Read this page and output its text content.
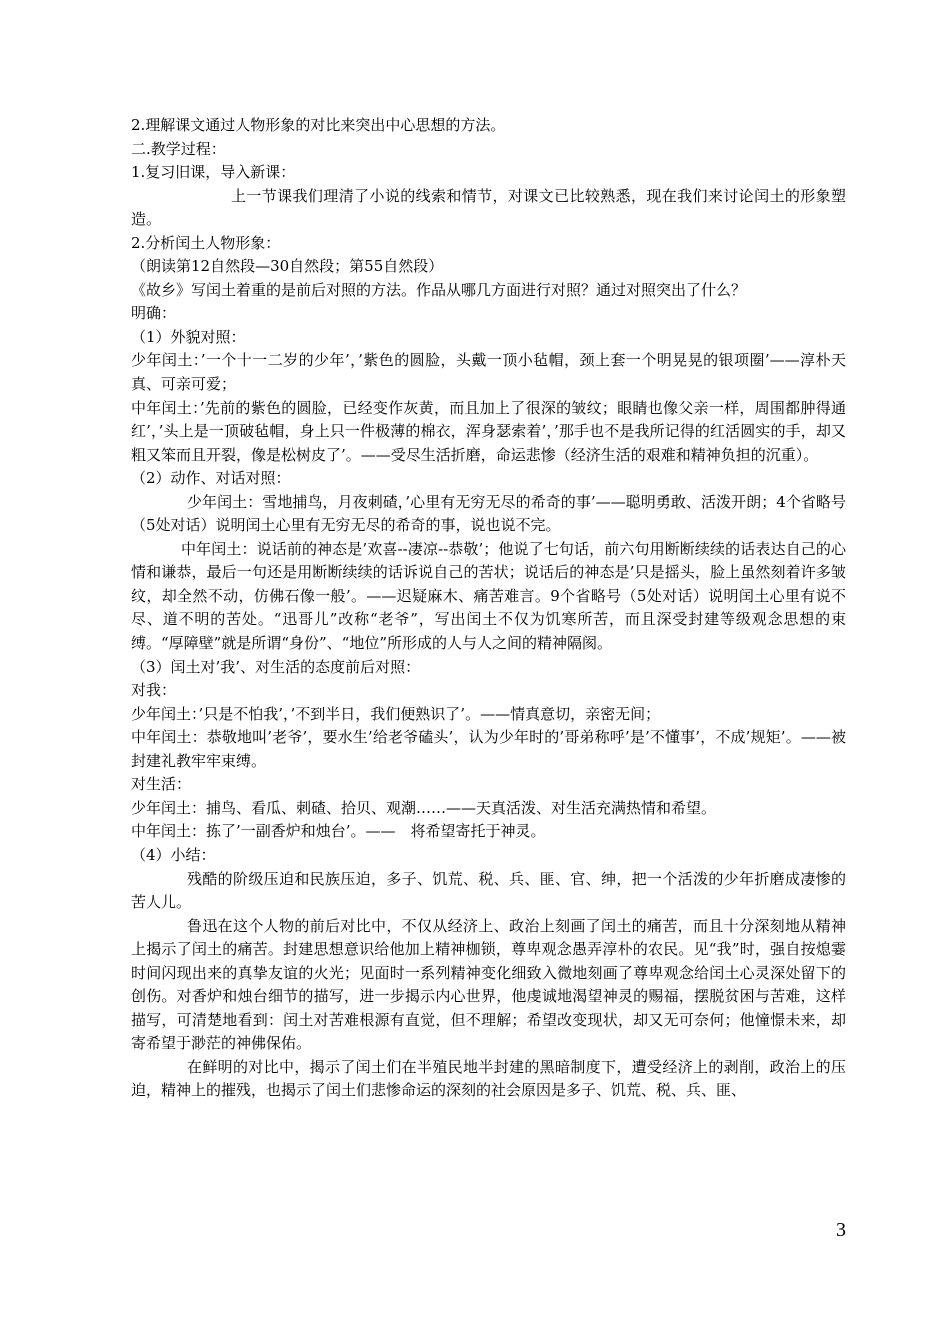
2.理解课文通过人物形象的对比来突出中心思想的方法。

二.教学过程：

1.复习旧课，导入新课：

上一节课我们理清了小说的线索和情节，对课文已比较熟悉，现在我们来讨论闰土的形象塑造。

2.分析闰土人物形象：

（朗读第12自然段—30自然段；第55自然段）

《故乡》写闰土着重的是前后对照的方法。作品从哪几方面进行对照？通过对照突出了什么？

明确：

（1）外貌对照：

少年闰土：’一个十一二岁的少年’，’紫色的圆脸，头戴一顶小毡帽，颈上套一个明晃晃的银项圈’——淳朴天真、可亲可爱；

中年闰土：’先前的紫色的圆脸，已经变作灰黄，而且加上了很深的皱纹；眼睛也像父亲一样，周围都肿得通红’，’头上是一顶破毡帽，身上只一件极薄的棉衣，浑身瑟索着’，’那手也不是我所记得的红活圆实的手，却又粗又笨而且开裂，像是松树皮了’。——受尽生活折磨，命运悲惨（经济生活的艰难和精神负担的沉重）。

（2）动作、对话对照：

少年闰土：雪地捕鸟，月夜刺碴，’心里有无穷无尽的希奇的事’——聪明勇敢、活泼开朗；4个省略号（5处对话）说明闰土心里有无穷无尽的希奇的事，说也说不完。

中年闰土：说话前的神态是’欢喜--凄凉--恭敬’；他说了七句话，前六句用断断续续的话表达自己的心情和谦恭，最后一句还是用断断续续的话诉说自己的苦状；说话后的神态是’只是摇头，脸上虽然刻着许多皱纹，却全然不动，仿佛石像一般’。——迟疑麻木、痛苦难言。9个省略号（5处对话）说明闰土心里有说不尽、道不明的苦处。“迅哥儿”改称“老爷”，写出闰土不仅为饥寒所苦，而且深受封建等级观念思想的束缚。“厚障壁”就是所谓“身份”、“地位”所形成的人与人之间的精神隔阂。

（3）闰土对’我’、对生活的态度前后对照：

对我：

少年闰土：’只是不怕我’，’不到半日，我们便熟识了’。——情真意切，亲密无间；

中年闰土：恭敬地叫’老爷’，要水生’给老爷磕头’，认为少年时的’哥弟称呼’是’不懂事’，不成’规矩’。——被封建礼教牢牢束缚。

对生活：

少年闰土：捕鸟、看瓜、刺碴、拾贝、观潮……——天真活泼、对生活充满热情和希望。

中年闰土：拣了’一副香炉和烛台’。——　将希望寄托于神灵。

（4）小结：

残酷的阶级压迫和民族压迫，多子、饥荒、税、兵、匪、官、绅，把一个活泼的少年折磨成凄惨的苦人儿。

鲁迅在这个人物的前后对比中，不仅从经济上、政治上刻画了闰土的痛苦，而且十分深刻地从精神上揭示了闰土的痛苦。封建思想意识给他加上精神枷锁，尊卑观念愚弄淳朴的农民。见“我”时，强自按熄霎时间闪现出来的真挚友谊的火光；见面时一系列精神变化细致入微地刻画了尊卑观念给闰土心灵深处留下的创伤。对香炉和烛台细节的描写，进一步揭示内心世界，他虔诚地渴望神灵的赐福，摆脱贫困与苦难，这样描写，可清楚地看到：闰土对苦难根源有直觉，但不理解；希望改变现状，却又无可奈何；他憧憬未来，却寄希望于渺茫的神佛保佑。

在鲜明的对比中，揭示了闰土们在半殖民地半封建的黑暗制度下，遭受经济上的剥削，政治上的压迫，精神上的摧残，也揭示了闰土们悲惨命运的深刻的社会原因是多子、饥荒、税、兵、匪、

3
